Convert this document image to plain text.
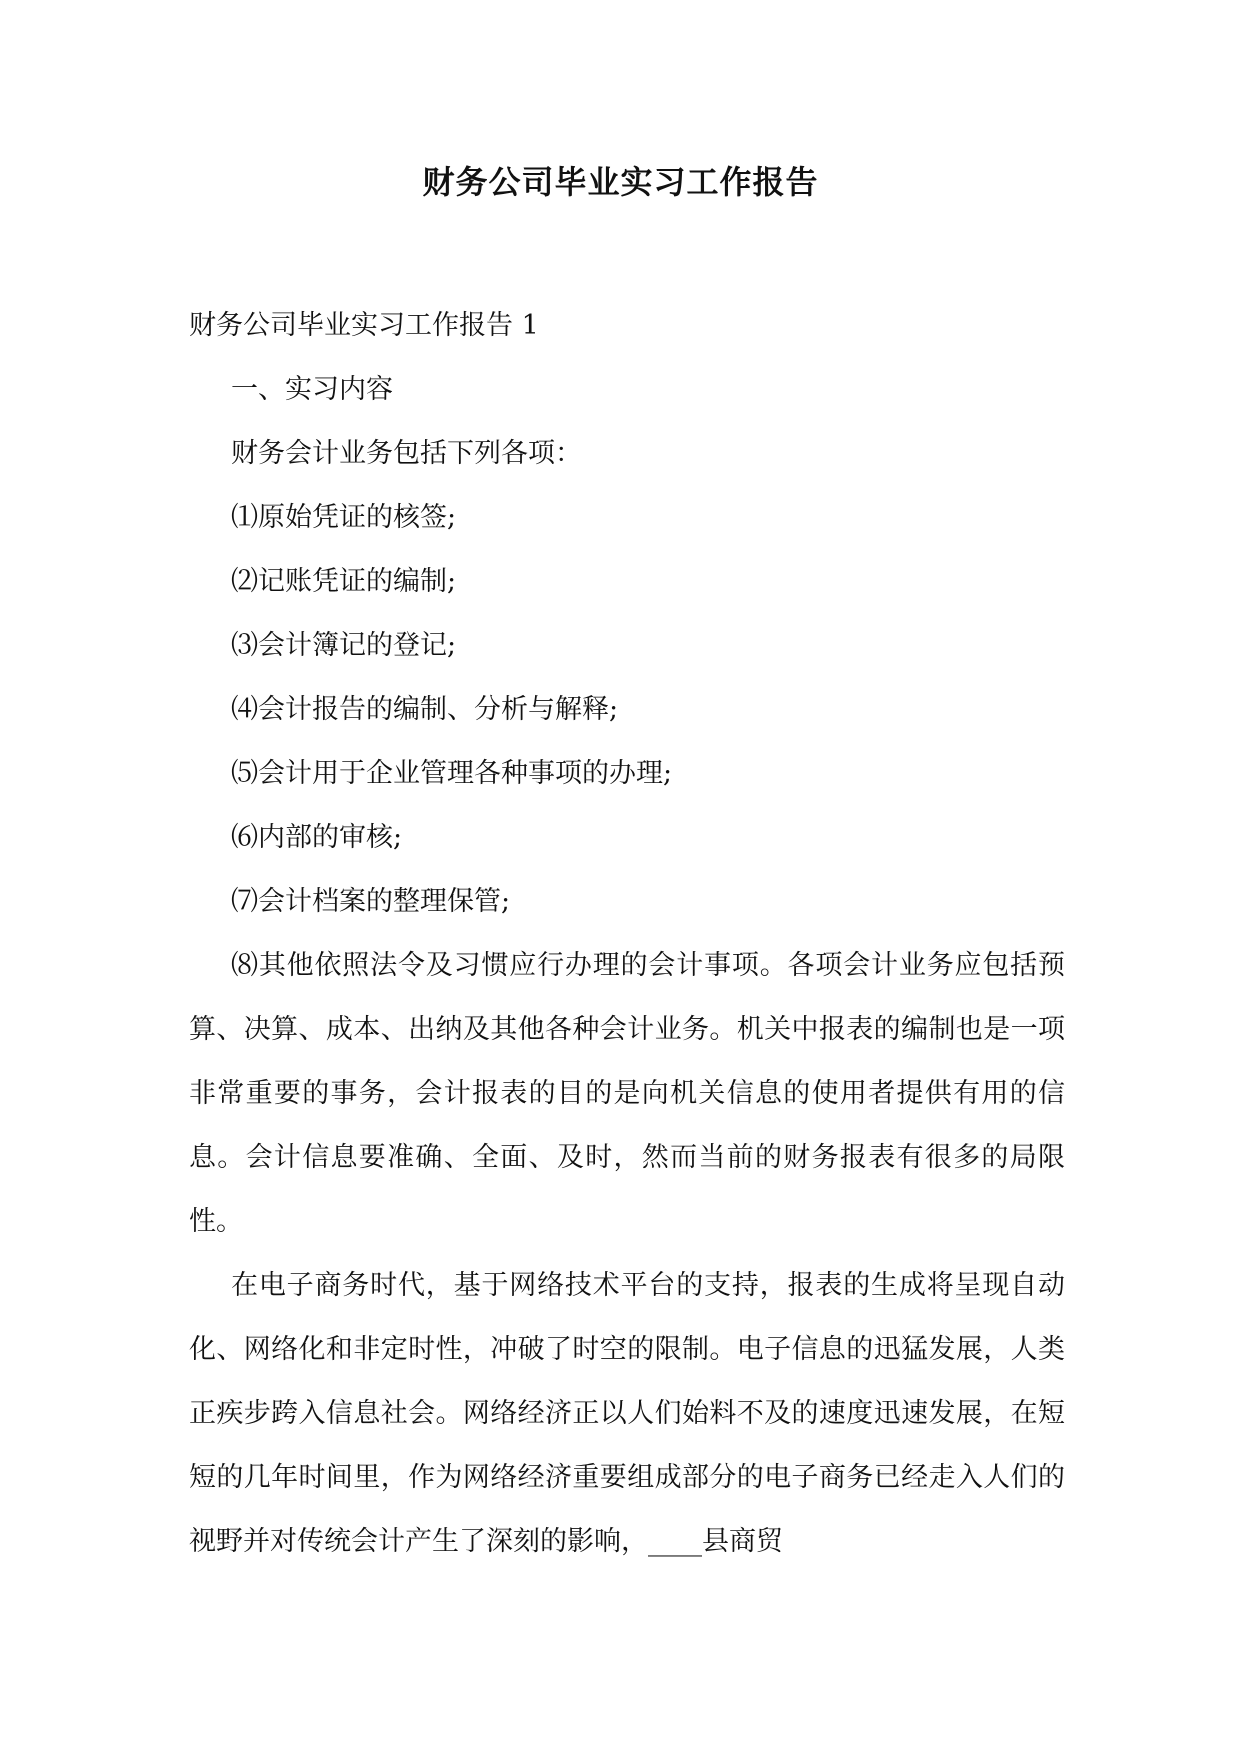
财务公司毕业实习工作报告

财务公司毕业实习工作报告 1

一、实习内容

财务会计业务包括下列各项：

⑴原始凭证的核签;

⑵记账凭证的编制;

⑶会计簿记的登记;

⑷会计报告的编制、分析与解释;

⑸会计用于企业管理各种事项的办理;

⑹内部的审核;

⑺会计档案的整理保管;

⑻其他依照法令及习惯应行办理的会计事项。各项会计业务应包括预算、决算、成本、出纳及其他各种会计业务。机关中报表的编制也是一项非常重要的事务，会计报表的目的是向机关信息的使用者提供有用的信息。会计信息要准确、全面、及时，然而当前的财务报表有很多的局限性。

在电子商务时代，基于网络技术平台的支持，报表的生成将呈现自动化、网络化和非定时性，冲破了时空的限制。电子信息的迅猛发展，人类正疾步跨入信息社会。网络经济正以人们始料不及的速度迅速发展，在短短的几年时间里，作为网络经济重要组成部分的电子商务已经走入人们的视野并对传统会计产生了深刻的影响，____县商贸
